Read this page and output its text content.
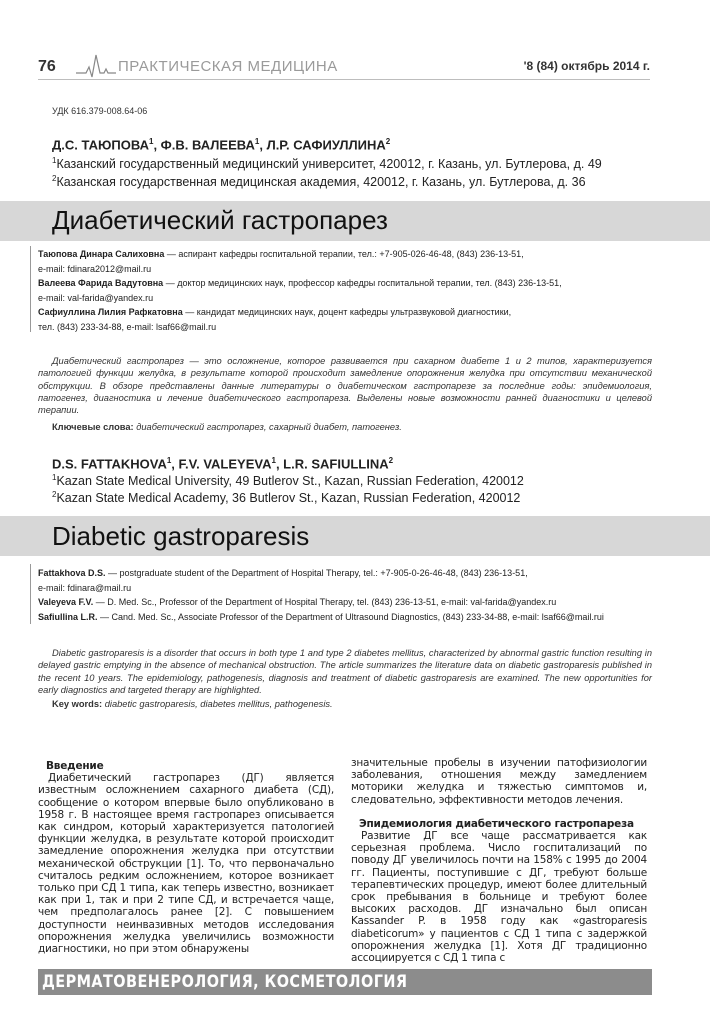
76	ПРАКТИЧЕСКАЯ МЕДИЦИНА	'8 (84) октябрь 2014 г.
УДК 616.379-008.64-06
Д.С. ТАЮПОВА$^1$, Ф.В. ВАЛЕЕВА$^1$, Л.Р. САФИУЛЛИНА$^2$
$^1$Казанский государственный медицинский университет, 420012, г. Казань, ул. Бутлерова, д. 49
$^2$Казанская государственная медицинская академия, 420012, г. Казань, ул. Бутлерова, д. 36
Диабетический гастропарез
Таюпова Динара Салиховна — аспирант кафедры госпитальной терапии, тел.: +7-905-026-46-48, (843) 236-13-51,
e-mail: fdinara2012@mail.ru
Валеева Фарида Вадутовна — доктор медицинских наук, профессор кафедры госпитальной терапии, тел. (843) 236-13-51,
e-mail: val-farida@yandex.ru
Сафиуллина Лилия Рафкатовна — кандидат медицинских наук, доцент кафедры ультразвуковой диагностики,
тел. (843) 233-34-88, e-mail: lsaf66@mail.ru
Диабетический гастропарез — это осложнение, которое развивается при сахарном диабете 1 и 2 типов, характеризуется патологией функции желудка, в результате которой происходит замедление опорожнения желудка при отсутствии механической обструкции. В обзоре представлены данные литературы о диабетическом гастропарезе за последние годы: эпидемиология, патогенез, диагностика и лечение диабетического гастропареза. Выделены новые возможности ранней диагностики и целевой терапии.
Ключевые слова: диабетический гастропарез, сахарный диабет, патогенез.
D.S. FATTAKHOVA$^1$, F.V. VALEYEVA$^1$, L.R. SAFIULLINA$^2$
$^1$Kazan State Medical University, 49 Butlerov St., Kazan, Russian Federation, 420012
$^2$Kazan State Medical Academy, 36 Butlerov St., Kazan, Russian Federation, 420012
Diabetic gastroparesis
Fattakhova D.S. — postgraduate student of the Department of Hospital Therapy, tel.: +7-905-0-26-46-48, (843) 236-13-51,
e-mail: fdinara@mail.ru
Valeyeva F.V. — D. Med. Sc., Professor of the Department of Hospital Therapy, tel. (843) 236-13-51, e-mail: val-farida@yandex.ru
Safiullina L.R. — Cand. Med. Sc., Associate Professor of the Department of Ultrasound Diagnostics, (843) 233-34-88, e-mail: lsaf66@mail.rui
Diabetic gastroparesis is a disorder that occurs in both type 1 and type 2 diabetes mellitus, characterized by abnormal gastric function resulting in delayed gastric emptying in the absence of mechanical obstruction. The article summarizes the literature data on diabetic gastroparesis published in the recent 10 years. The epidemiology, pathogenesis, diagnosis and treatment of diabetic gastroparesis are examined. The new opportunities for early diagnostics and targeted therapy are highlighted.
Key words: diabetic gastroparesis, diabetes mellitus, pathogenesis.
Введение
Диабетический гастропарез (ДГ) является известным осложнением сахарного диабета (СД), сообщение о котором впервые было опубликовано в 1958 г. В настоящее время гастропарез описывается как синдром, который характеризуется патологией функции желудка, в результате которой происходит замедление опорожнения желудка при отсутствии механической обструкции [1]. То, что первоначально считалось редким осложнением, которое возникает только при СД 1 типа, как теперь известно, возникает как при 1, так и при 2 типе СД, и встречается чаще, чем предполагалось ранее [2]. С повышением доступности неинвазивных методов исследования опорожнения желудка увеличились возможности диагностики, но при этом обнаружены
значительные пробелы в изучении патофизиологии заболевания, отношения между замедлением моторики желудка и тяжестью симптомов и, следовательно, эффективности методов лечения.
Эпидемиология диабетического гастропареза
Развитие ДГ все чаще рассматривается как серьезная проблема. Число госпитализаций по поводу ДГ увеличилось почти на 158% с 1995 до 2004 гг. Пациенты, поступившие с ДГ, требуют больше терапевтических процедур, имеют более длительный срок пребывания в больнице и требуют более высоких расходов. ДГ изначально был описан Kassander P. в 1958 году как «gastroparesis diabeticorum» у пациентов с СД 1 типа с задержкой опорожнения желудка [1]. Хотя ДГ традиционно ассоциируется с СД 1 типа с
ДЕРМАТОВЕНЕРОЛОГИЯ, КОСМЕТОЛОГИЯ
